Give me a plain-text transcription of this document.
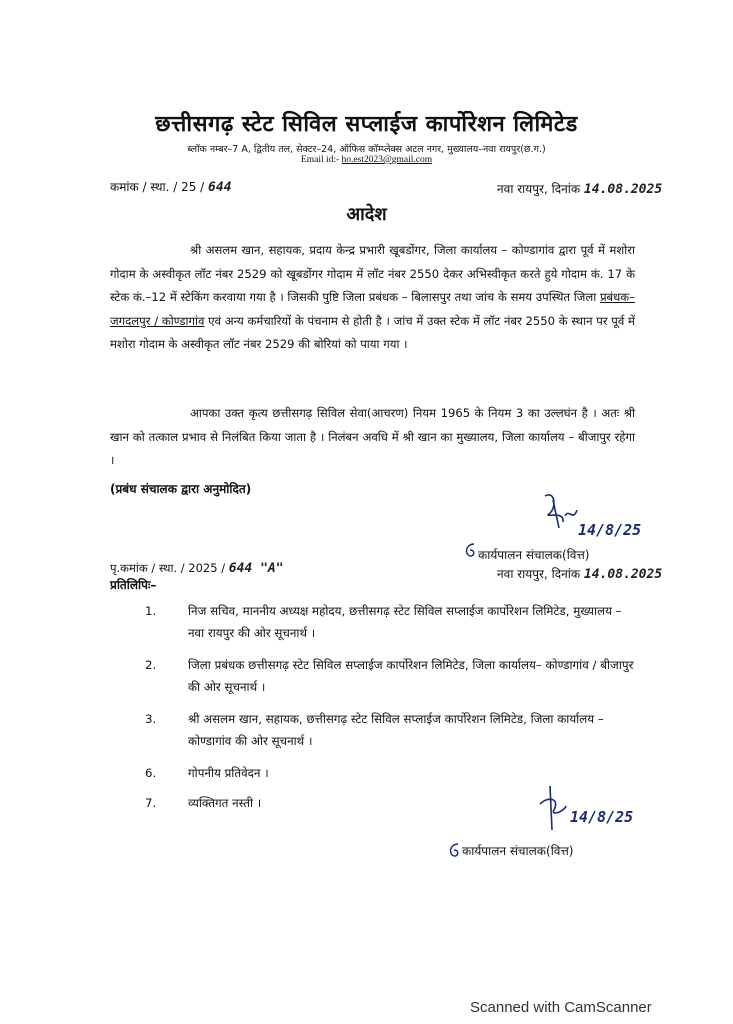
छत्तीसगढ़ स्टेट सिविल सप्लाईज कार्पोरेशन लिमिटेड
ब्लॉक नम्बर–7 A, द्वितीय तल, सेक्टर–24, ऑफिस कॉम्प्लेक्स अटल नगर, मुख्यालय–नवा रायपुर(छ.ग.)
Email id:- ho.est2023@gmail.com
कमांक / स्था. / 25 / 644	नवा रायपुर, दिनांक 14.08.2025
आदेश
श्री असलम खान, सहायक, प्रदाय केन्द्र प्रभारी खूबडोंगर, जिला कार्यालय – कोण्डागांव द्वारा पूर्व में मशोरा गोदाम के अस्वीकृत लॉट नंबर 2529 को खूबडोंगर गोदाम में लॉट नंबर 2550 देकर अभिस्वीकृत करते हुये गोदाम कं. 17 के स्टेक कं.–12 में स्टेकिंग करवाया गया है । जिसकी पुष्टि जिला प्रबंधक – बिलासपुर तथा जांच के समय उपस्थित जिला प्रबंधक–जगदलपुर / कोण्डागांव एवं अन्य कर्मचारियों के पंचनाम से होती है । जांच में उक्त स्टेक में लॉट नंबर 2550 के स्थान पर पूर्व में मशोरा गोदाम के अस्वीकृत लॉट नंबर 2529 की बोरियां को पाया गया ।
आपका उक्त कृत्य छत्तीसगढ़ सिविल सेवा(आचरण) नियम 1965 के नियम 3 का उल्लघंन है । अतः श्री खान को तत्काल प्रभाव से निलंबित किया जाता है । निलंबन अवधि में श्री खान का मुख्यालय, जिला कार्यालय – बीजापुर रहेगा ।
(प्रबंध संचालक द्वारा अनुमोदित)
14/8/25
कार्यपालन संचालक(वित्त)
नवा रायपुर, दिनांक 14.08.2025
पृ.कमांक / स्था. / 2025 / 644 "A"
प्रतिलिपिः–
1.	निज सचिव, माननीय अध्यक्ष महोदय, छत्तीसगढ़ स्टेट सिविल सप्लाईज कार्पोरेशन लिमिटेड, मुख्यालय – नवा रायपुर की ओर सूचनार्थ ।
2.	जिला प्रबंधक छत्तीसगढ़ स्टेट सिविल सप्लाईज कार्पोरेशन लिमिटेड, जिला कार्यालय– कोण्डागांव / बीजापुर की ओर सूचनार्थ ।
3.	श्री असलम खान, सहायक, छत्तीसगढ़ स्टेट सिविल सप्लाईज कार्पोरेशन लिमिटेड, जिला कार्यालय – कोण्डागांव की ओर सूचनार्थ ।
6.	गोपनीय प्रतिवेदन ।
7.	व्यक्तिगत नस्ती ।
14/8/25
कार्यपालन संचालक(वित्त)
Scanned with CamScanner
